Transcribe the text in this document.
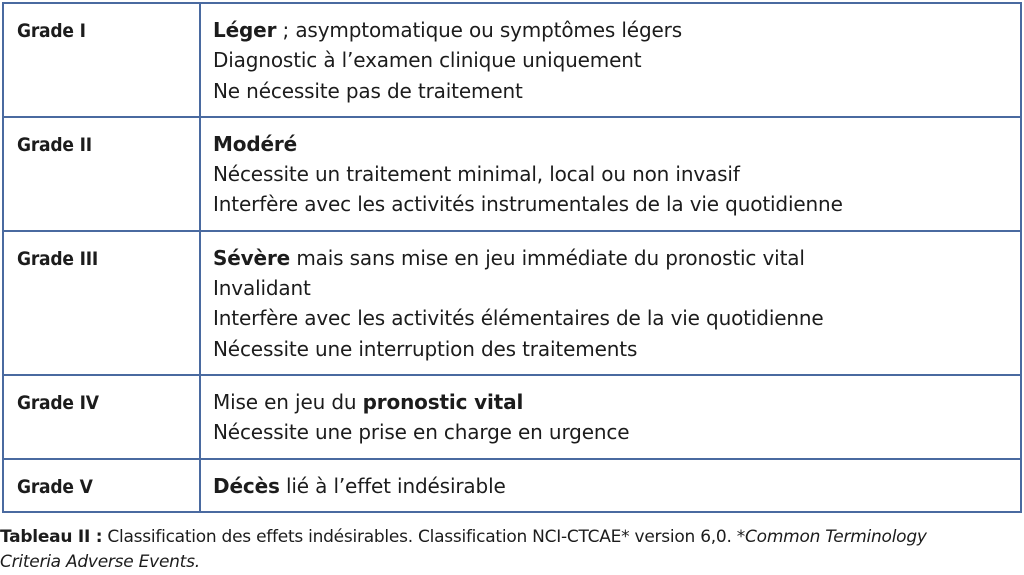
Grade I	Léger ; asymptomatique ou symptômes légers
Diagnostic à l’examen clinique uniquement
Ne nécessite pas de traitement

Grade II	Modéré
Nécessite un traitement minimal, local ou non invasif
Interfère avec les activités instrumentales de la vie quotidienne

Grade III	Sévère mais sans mise en jeu immédiate du pronostic vital
Invalidant
Interfère avec les activités élémentaires de la vie quotidienne
Nécessite une interruption des traitements

Grade IV	Mise en jeu du pronostic vital
Nécessite une prise en charge en urgence

Grade V	Décès lié à l’effet indésirable
Tableau II : Classification des effets indésirables. Classification NCI-CTCAE* version 6,0. *Common Terminology
Criteria Adverse Events.
